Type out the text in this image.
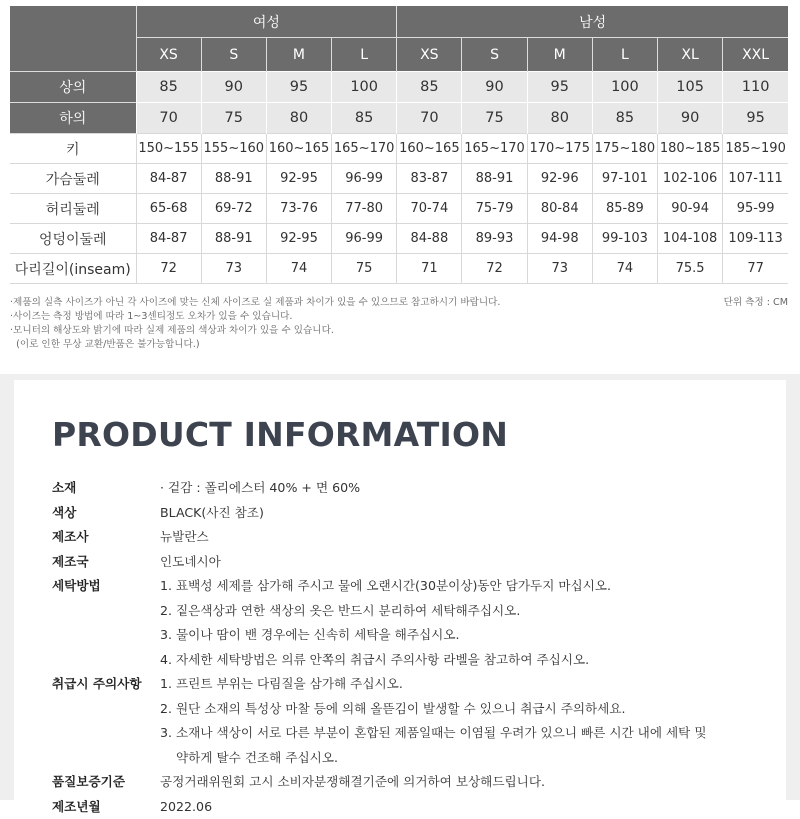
	여성				남성					
	XS	S	M	L	XS	S	M	L	XL	XXL
상의	85	90	95	100	85	90	95	100	105	110
하의	70	75	80	85	70	75	80	85	90	95
키	150~155	155~160	160~165	165~170	160~165	165~170	170~175	175~180	180~185	185~190
가슴둘레	84-87	88-91	92-95	96-99	83-87	88-91	92-96	97-101	102-106	107-111
허리둘레	65-68	69-72	73-76	77-80	70-74	75-79	80-84	85-89	90-94	95-99
엉덩이둘레	84-87	88-91	92-95	96-99	84-88	89-93	94-98	99-103	104-108	109-113
다리길이(inseam)	72	73	74	75	71	72	73	74	75.5	77
·제품의 실측 사이즈가 아닌 각 사이즈에 맞는 신체 사이즈로 실 제품과 차이가 있을 수 있으므로 참고하시기 바랍니다.
·사이즈는 측정 방법에 따라 1~3센티정도 오차가 있을 수 있습니다.
·모니터의 해상도와 밝기에 따라 실제 제품의 색상과 차이가 있을 수 있습니다.
(이로 인한 무상 교환/반품은 불가능합니다.)
단위 측정 : CM
PRODUCT INFORMATION
소재	· 겉감 : 폴리에스터 40% + 면 60%
색상	BLACK(사진 참조)
제조사	뉴발란스
제조국	인도네시아
세탁방법	1. 표백성 세제를 삼가해 주시고 물에 오랜시간(30분이상)동안 담가두지 마십시오.
2. 짙은색상과 연한 색상의 옷은 반드시 분리하여 세탁해주십시오.
3. 물이나 땀이 밴 경우에는 신속히 세탁을 해주십시오.
4. 자세한 세탁방법은 의류 안쪽의 취급시 주의사항 라벨을 참고하여 주십시오.
취급시 주의사항 1. 프린트 부위는 다림질을 삼가해 주십시오.
2. 원단 소재의 특성상 마찰 등에 의해 올뜯김이 발생할 수 있으니 취급시 주의하세요.
3. 소재나 색상이 서로 다른 부분이 혼합된 제품일때는 이염될 우려가 있으니 빠른 시간 내에 세탁 및
약하게 탈수 건조해 주십시오.
품질보증기준	공정거래위원회 고시 소비자분쟁해결기준에 의거하여 보상해드립니다.
제조년월	2022.06
